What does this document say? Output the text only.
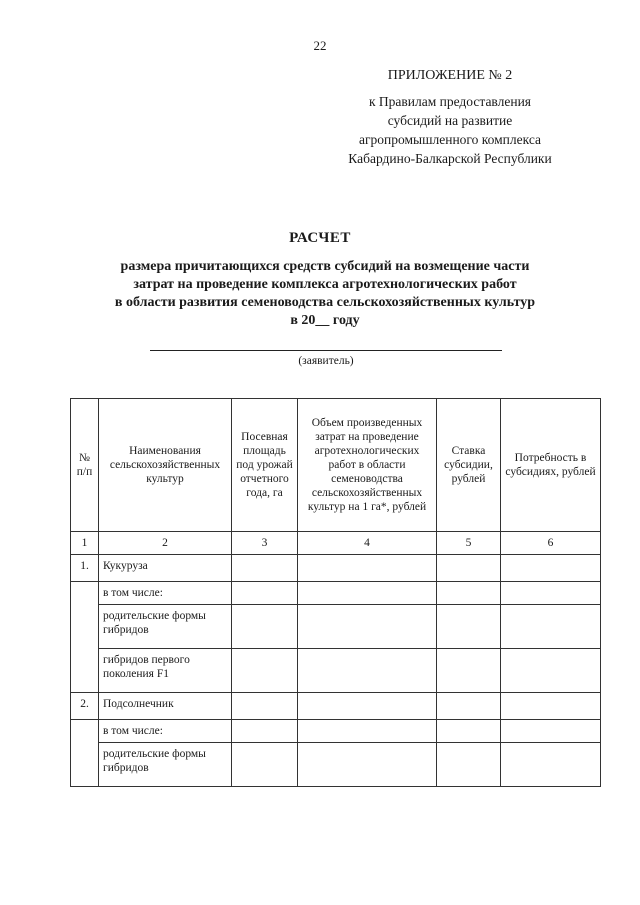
22
ПРИЛОЖЕНИЕ № 2
к Правилам предоставления
субсидий на развитие
агропромышленного комплекса
Кабардино-Балкарской Республики
РАСЧЕТ
размера причитающихся средств субсидий на возмещение части
затрат на проведение комплекса агротехнологических работ
в области развития семеноводства сельскохозяйственных культур
в 20__ году
(заявитель)
№ п/п	Наименования сельскохозяйственных культур	Посевная площадь под урожай отчетного года, га	Объем произведенных затрат на проведение агротехнологических работ в области семеноводства сельскохозяйственных культур на 1 га*, рублей	Ставка субсидии, рублей	Потребность в субсидиях, рублей
1	2	3	4	5	6
1.	Кукуруза				
	в том числе:				
	родительские формы гибридов				
	гибридов первого поколения F1				
2.	Подсолнечник				
	в том числе:				
	родительские формы гибридов				
